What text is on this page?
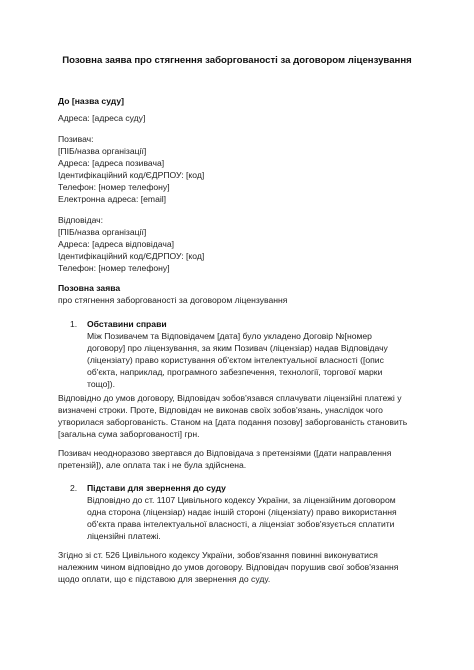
Позовна заява про стягнення заборгованості за договором ліцензування
До [назва суду]
Адреса: [адреса суду]
Позивач:
[ПІБ/назва організації]
Адреса: [адреса позивача]
Ідентифікаційний код/ЄДРПОУ: [код]
Телефон: [номер телефону]
Електронна адреса: [email]
Відповідач:
[ПІБ/назва організації]
Адреса: [адреса відповідача]
Ідентифікаційний код/ЄДРПОУ: [код]
Телефон: [номер телефону]
Позовна заява
про стягнення заборгованості за договором ліцензування
1. Обставини справи
Між Позивачем та Відповідачем [дата] було укладено Договір №[номер
договору] про ліцензування, за яким Позивач (ліцензіар) надав Відповідачу
(ліцензіату) право користування об'єктом інтелектуальної власності ([опис
об'єкта, наприклад, програмного забезпечення, технології, торгової марки
тощо]).
Відповідно до умов договору, Відповідач зобов'язався сплачувати ліцензійні платежі у
визначені строки. Проте, Відповідач не виконав своїх зобов'язань, унаслідок чого
утворилася заборгованість. Станом на [дата подання позову] заборгованість становить
[загальна сума заборгованості] грн.
Позивач неодноразово звертався до Відповідача з претензіями ([дати направлення
претензій]), але оплата так і не була здійснена.
2. Підстави для звернення до суду
Відповідно до ст. 1107 Цивільного кодексу України, за ліцензійним договором
одна сторона (ліцензіар) надає іншій стороні (ліцензіату) право використання
об'єкта права інтелектуальної власності, а ліцензіат зобов'язується сплатити
ліцензійні платежі.
Згідно зі ст. 526 Цивільного кодексу України, зобов'язання повинні виконуватися
належним чином відповідно до умов договору. Відповідач порушив свої зобов'язання
щодо оплати, що є підставою для звернення до суду.
